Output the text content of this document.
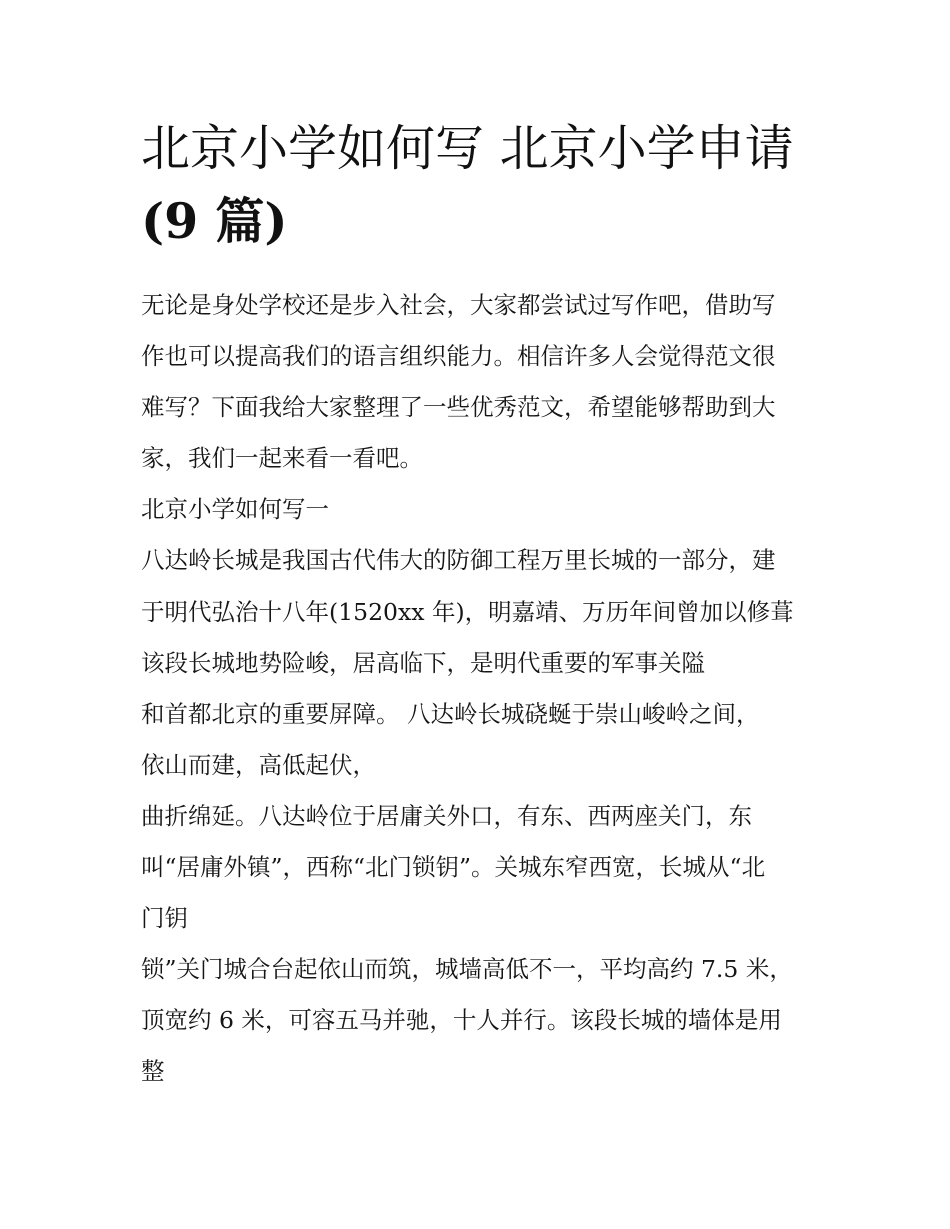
北京小学如何写 北京小学申请
(9 篇)
无论是身处学校还是步入社会，大家都尝试过写作吧，借助写
作也可以提高我们的语言组织能力。相信许多人会觉得范文很
难写？下面我给大家整理了一些优秀范文，希望能够帮助到大
家，我们一起来看一看吧。
北京小学如何写一
八达岭长城是我国古代伟大的防御工程万里长城的一部分，建
于明代弘治十八年(1520xx 年)，明嘉靖、万历年间曾加以修葺
该段长城地势险峻，居高临下，是明代重要的军事关隘
和首都北京的重要屏障。 八达岭长城硗蜒于崇山峻岭之间，
依山而建，高低起伏，
曲折绵延。八达岭位于居庸关外口，有东、西两座关门，东
叫“居庸外镇”，西称“北门锁钥”。关城东窄西宽，长城从“北
门钥
锁”关门城合台起依山而筑，城墙高低不一，平均高约 7.5 米，
顶宽约 6 米，可容五马并驰，十人并行。该段长城的墙体是用
整
